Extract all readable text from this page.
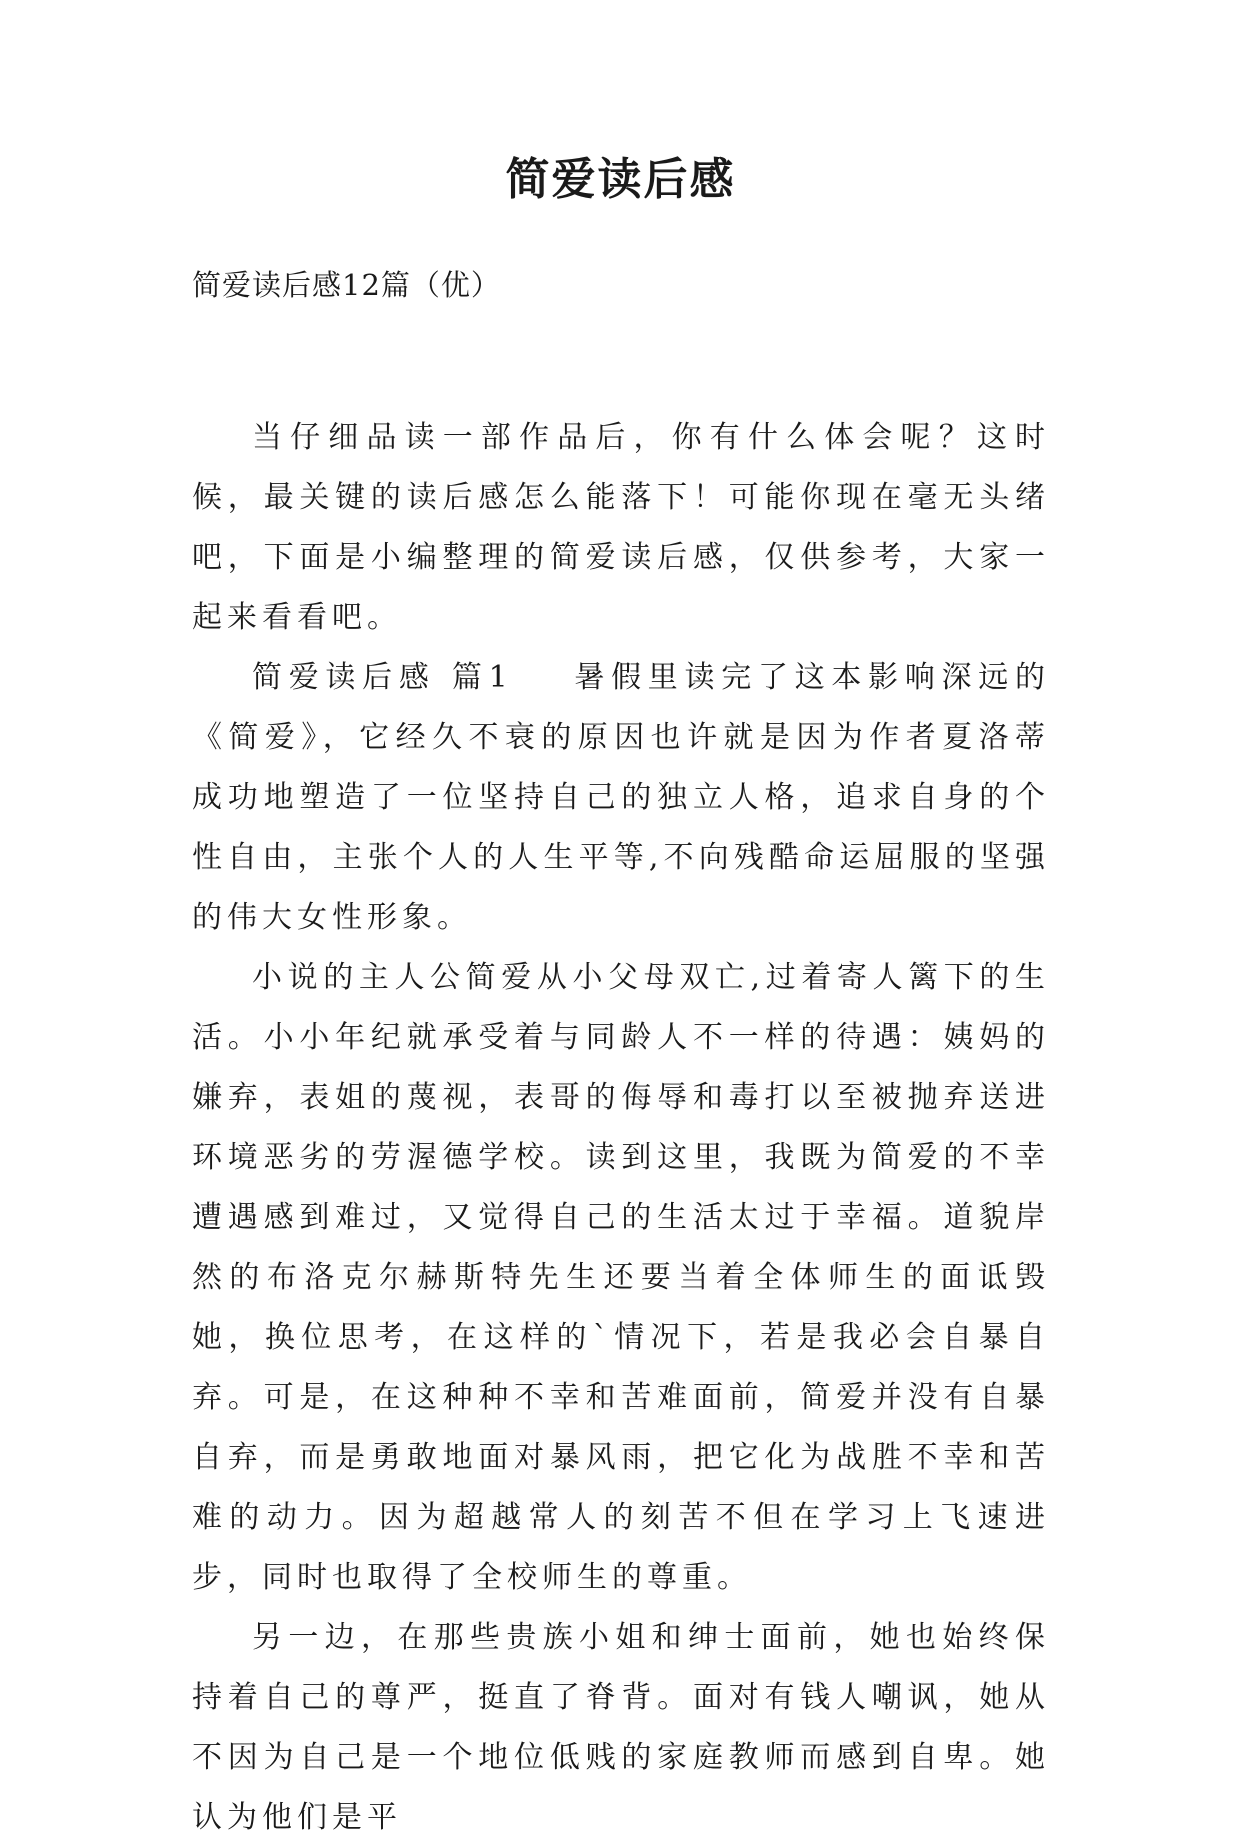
简爱读后感
简爱读后感12篇（优）

当仔细品读一部作品后，你有什么体会呢？这时候，最关键的读后感怎么能落下！可能你现在毫无头绪吧，下面是小编整理的简爱读后感，仅供参考，大家一起来看看吧。

简爱读后感 篇1 暑假里读完了这本影响深远的《简爱》，它经久不衰的原因也许就是因为作者夏洛蒂成功地塑造了一位坚持自己的独立人格，追求自身的个性自由，主张个人的人生平等,不向残酷命运屈服的坚强的伟大女性形象。

小说的主人公简爱从小父母双亡,过着寄人篱下的生活。小小年纪就承受着与同龄人不一样的待遇：姨妈的嫌弃，表姐的蔑视，表哥的侮辱和毒打以至被抛弃送进环境恶劣的劳渥德学校。读到这里，我既为简爱的不幸遭遇感到难过，又觉得自己的生活太过于幸福。道貌岸然的布洛克尔赫斯特先生还要当着全体师生的面诋毁她，换位思考，在这样的`情况下，若是我必会自暴自弃。可是，在这种种不幸和苦难面前，简爱并没有自暴自弃，而是勇敢地面对暴风雨，把它化为战胜不幸和苦难的动力。因为超越常人的刻苦不但在学习上飞速进步，同时也取得了全校师生的尊重。

另一边，在那些贵族小姐和绅士面前，她也始终保持着自己的尊严，挺直了脊背。面对有钱人嘲讽，她从不因为自己是一个地位低贱的家庭教师而感到自卑。她认为他们是平
